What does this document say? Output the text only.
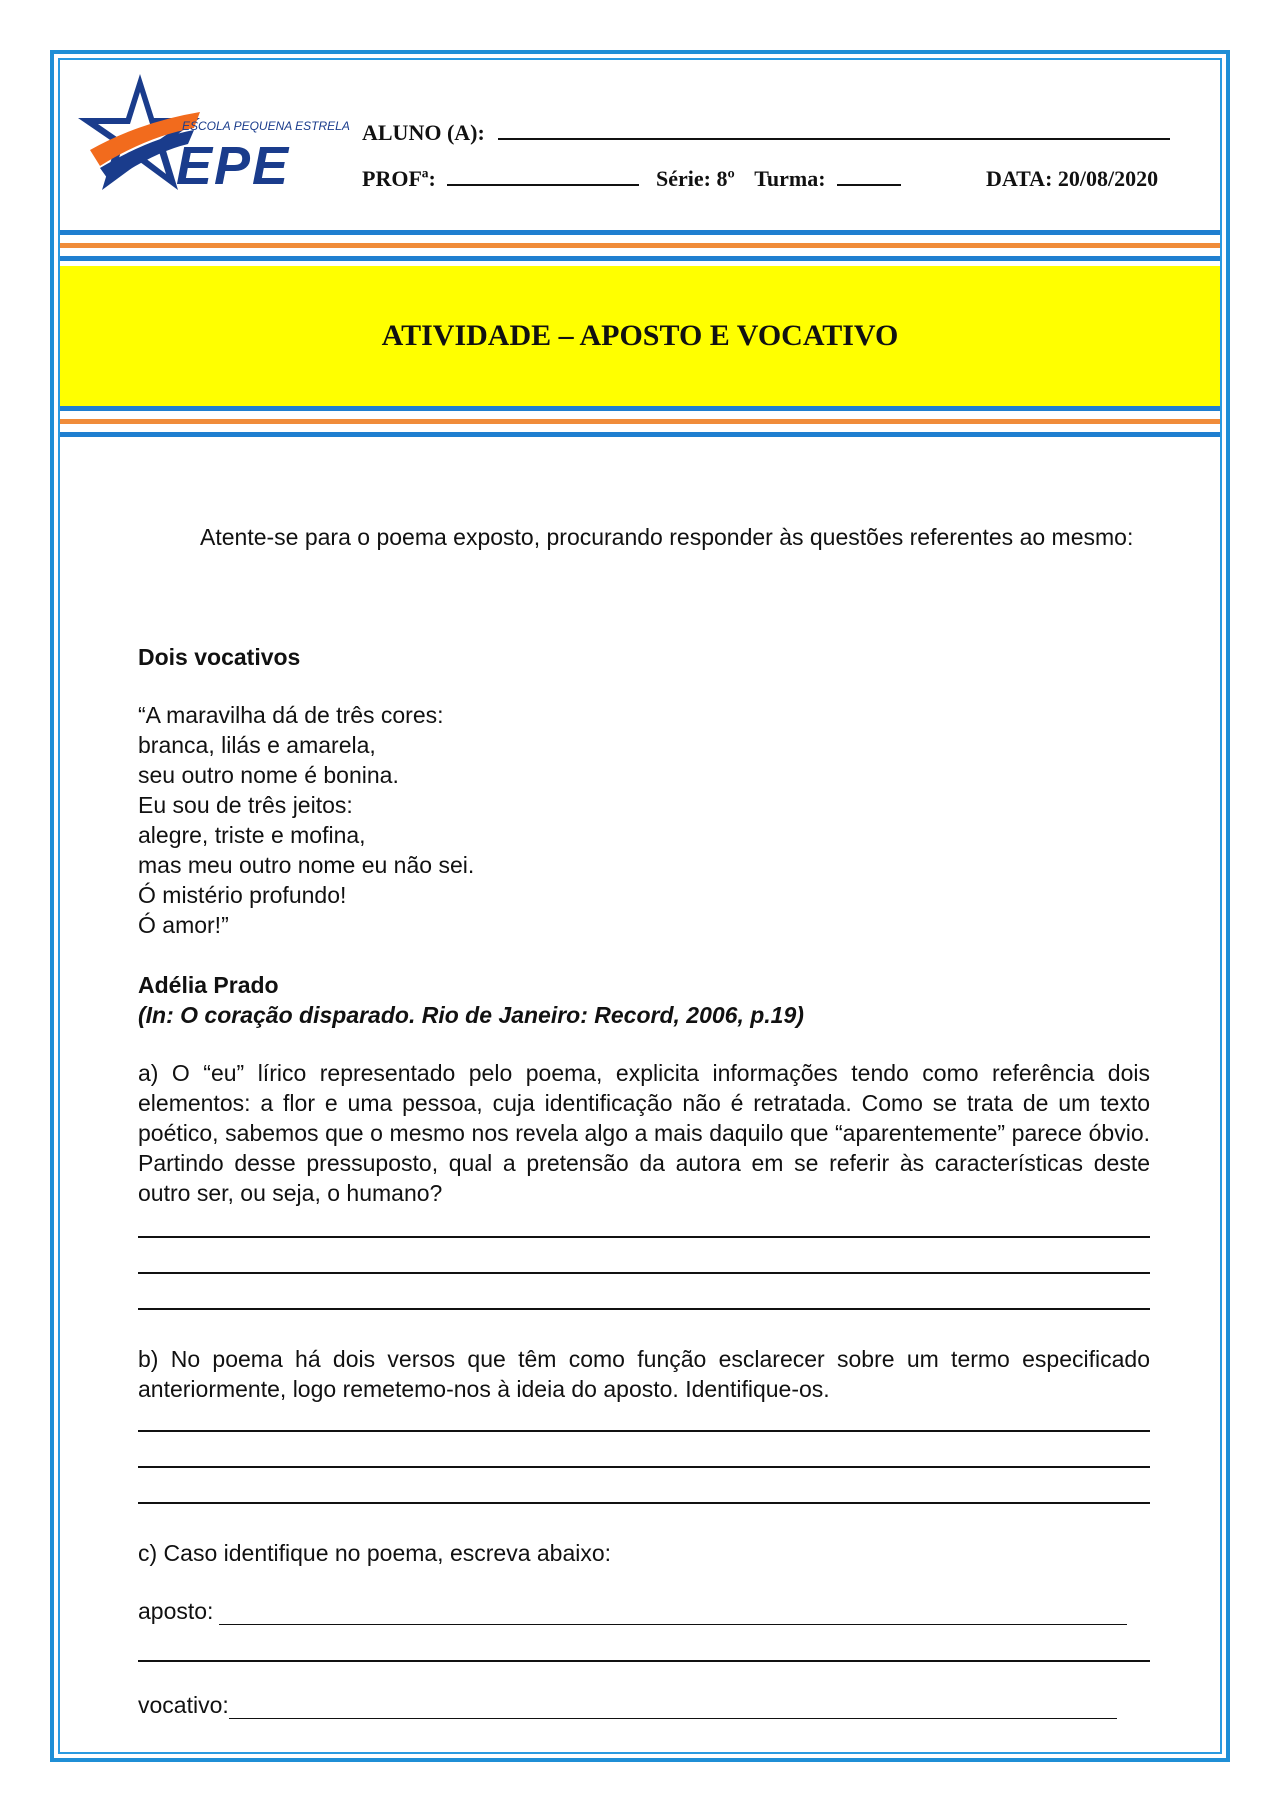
ESCOLA PEQUENA ESTRELA
EPE
ALUNO (A):
PROFª:	Série: 8º Turma:	DATA: 20/08/2020
ATIVIDADE – APOSTO E VOCATIVO
Atente-se para o poema exposto, procurando responder às questões referentes ao mesmo:
Dois vocativos
“A maravilha dá de três cores:
branca, lilás e amarela,
seu outro nome é bonina.
Eu sou de três jeitos:
alegre, triste e mofina,
mas meu outro nome eu não sei.
Ó mistério profundo!
Ó amor!”
Adélia Prado
(In: O coração disparado. Rio de Janeiro: Record, 2006, p.19)
a) O “eu” lírico representado pelo poema, explicita informações tendo como referência dois elementos: a flor e uma pessoa, cuja identificação não é retratada. Como se trata de um texto poético, sabemos que o mesmo nos revela algo a mais daquilo que “aparentemente” parece óbvio. Partindo desse pressuposto, qual a pretensão da autora em se referir às características deste outro ser, ou seja, o humano?
b) No poema há dois versos que têm como função esclarecer sobre um termo especificado anteriormente, logo remetemo-nos à ideia do aposto. Identifique-os.
c) Caso identifique no poema, escreva abaixo:
aposto:
vocativo:
